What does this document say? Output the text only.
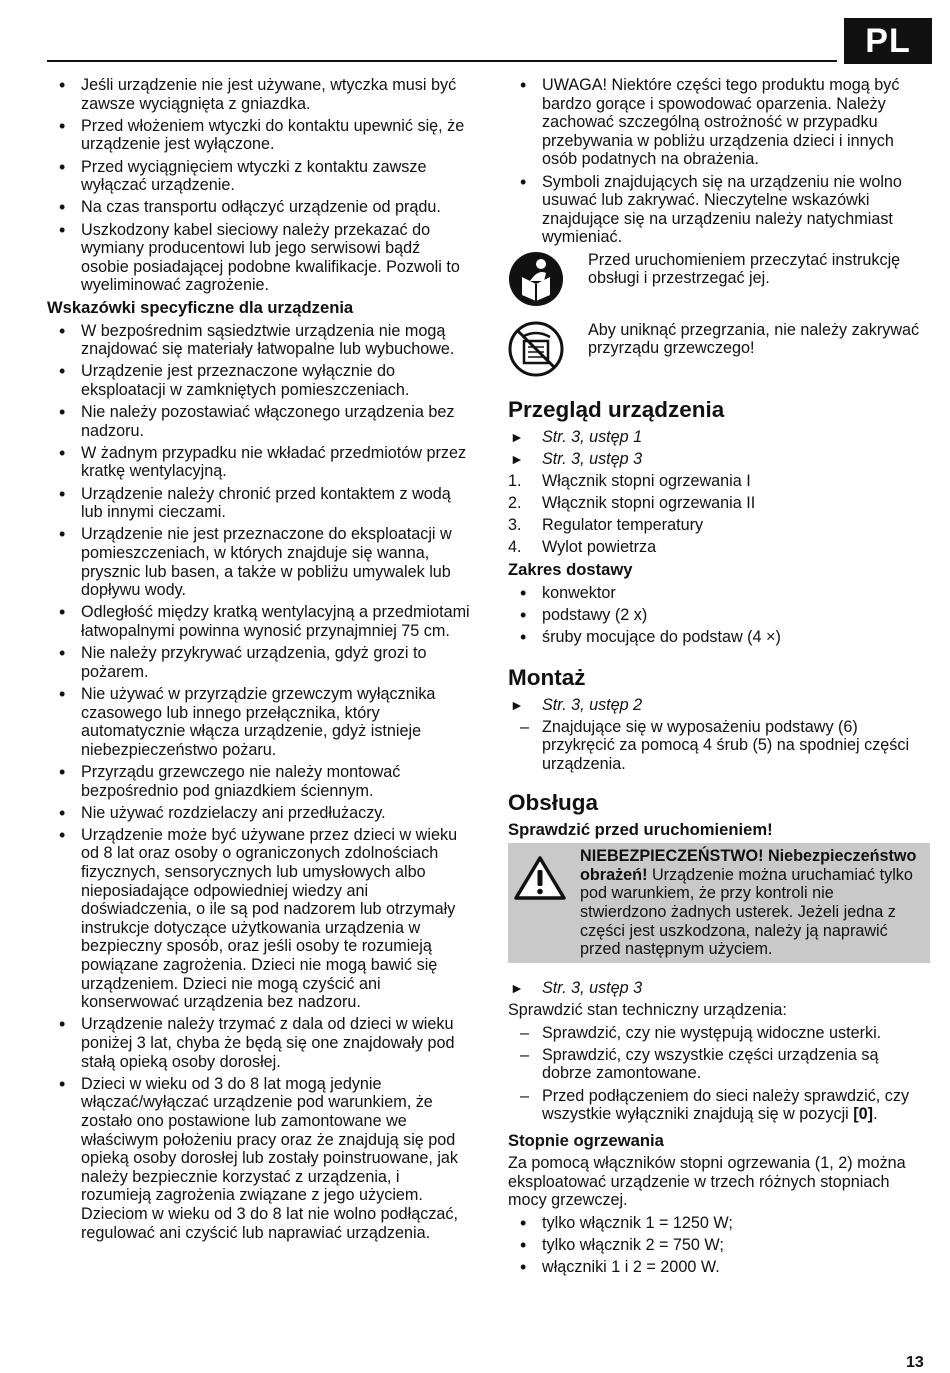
PL
• Jeśli urządzenie nie jest używane, wtyczka musi być zawsze wyciągnięta z gniazdka.
• Przed włożeniem wtyczki do kontaktu upewnić się, że urządzenie jest wyłączone.
• Przed wyciągnięciem wtyczki z kontaktu zawsze wyłączać urządzenie.
• Na czas transportu odłączyć urządzenie od prądu.
• Uszkodzony kabel sieciowy należy przekazać do wymiany producentowi lub jego serwisowi bądź osobie posiadającej podobne kwalifikacje. Pozwoli to wyeliminować zagrożenie.
Wskazówki specyficzne dla urządzenia
• W bezpośrednim sąsiedztwie urządzenia nie mogą znajdować się materiały łatwopalne lub wybuchowe.
• Urządzenie jest przeznaczone wyłącznie do eksploatacji w zamkniętych pomieszczeniach.
• Nie należy pozostawiać włączonego urządzenia bez nadzoru.
• W żadnym przypadku nie wkładać przedmiotów przez kratkę wentylacyjną.
• Urządzenie należy chronić przed kontaktem z wodą lub innymi cieczami.
• Urządzenie nie jest przeznaczone do eksploatacji w pomieszczeniach, w których znajduje się wanna, prysznic lub basen, a także w pobliżu umywalek lub dopływu wody.
• Odległość między kratką wentylacyjną a przedmiotami łatwopalnymi powinna wynosić przynajmniej 75 cm.
• Nie należy przykrywać urządzenia, gdyż grozi to pożarem.
• Nie używać w przyrządzie grzewczym wyłącznika czasowego lub innego przełącznika, który automatycznie włącza urządzenie, gdyż istnieje niebezpieczeństwo pożaru.
• Przyrządu grzewczego nie należy montować bezpośrednio pod gniazdkiem ściennym.
• Nie używać rozdzielaczy ani przedłużaczy.
• Urządzenie może być używane przez dzieci w wieku od 8 lat oraz osoby o ograniczonych zdolnościach fizycznych, sensorycznych lub umysłowych albo nieposiadające odpowiedniej wiedzy ani doświadczenia, o ile są pod nadzorem lub otrzymały instrukcje dotyczące użytkowania urządzenia w bezpieczny sposób, oraz jeśli osoby te rozumieją powiązane zagrożenia. Dzieci nie mogą bawić się urządzeniem. Dzieci nie mogą czyścić ani konserwować urządzenia bez nadzoru.
• Urządzenie należy trzymać z dala od dzieci w wieku poniżej 3 lat, chyba że będą się one znajdowały pod stałą opieką osoby dorosłej.
• Dzieci w wieku od 3 do 8 lat mogą jedynie włączać/wyłączać urządzenie pod warunkiem, że zostało ono postawione lub zamontowane we właściwym położeniu pracy oraz że znajdują się pod opieką osoby dorosłej lub zostały poinstruowane, jak należy bezpiecznie korzystać z urządzenia, i rozumieją zagrożenia związane z jego użyciem. Dzieciom w wieku od 3 do 8 lat nie wolno podłączać, regulować ani czyścić lub naprawiać urządzenia.
• UWAGA! Niektóre części tego produktu mogą być bardzo gorące i spowodować oparzenia. Należy zachować szczególną ostrożność w przypadku przebywania w pobliżu urządzenia dzieci i innych osób podatnych na obrażenia.
• Symboli znajdujących się na urządzeniu nie wolno usuwać lub zakrywać. Nieczytelne wskazówki znajdujące się na urządzeniu należy natychmiast wymieniać.
Przed uruchomieniem przeczytać instrukcję obsługi i przestrzegać jej.
Aby uniknąć przegrzania, nie należy zakrywać przyrządu grzewczego!
Przegląd urządzenia
► Str. 3, ustęp 1
► Str. 3, ustęp 3
1. Włącznik stopni ogrzewania I
2. Włącznik stopni ogrzewania II
3. Regulator temperatury
4. Wylot powietrza
Zakres dostawy
• konwektor
• podstawy (2 x)
• śruby mocujące do podstaw (4 ×)
Montaż
► Str. 3, ustęp 2
– Znajdujące się w wyposażeniu podstawy (6) przykręcić za pomocą 4 śrub (5) na spodniej części urządzenia.
Obsługa
Sprawdzić przed uruchomieniem!
NIEBEZPIECZEŃSTWO! Niebezpieczeństwo obrażeń! Urządzenie można uruchamiać tylko pod warunkiem, że przy kontroli nie stwierdzono żadnych usterek. Jeżeli jedna z części jest uszkodzona, należy ją naprawić przed następnym użyciem.
► Str. 3, ustęp 3
Sprawdzić stan techniczny urządzenia:
– Sprawdzić, czy nie występują widoczne usterki.
– Sprawdzić, czy wszystkie części urządzenia są dobrze zamontowane.
– Przed podłączeniem do sieci należy sprawdzić, czy wszystkie wyłączniki znajdują się w pozycji [0].
Stopnie ogrzewania
Za pomocą włączników stopni ogrzewania (1, 2) można eksploatować urządzenie w trzech różnych stopniach mocy grzewczej.
• tylko włącznik 1 = 1250 W;
• tylko włącznik 2 = 750 W;
• włączniki 1 i 2 = 2000 W.
13
